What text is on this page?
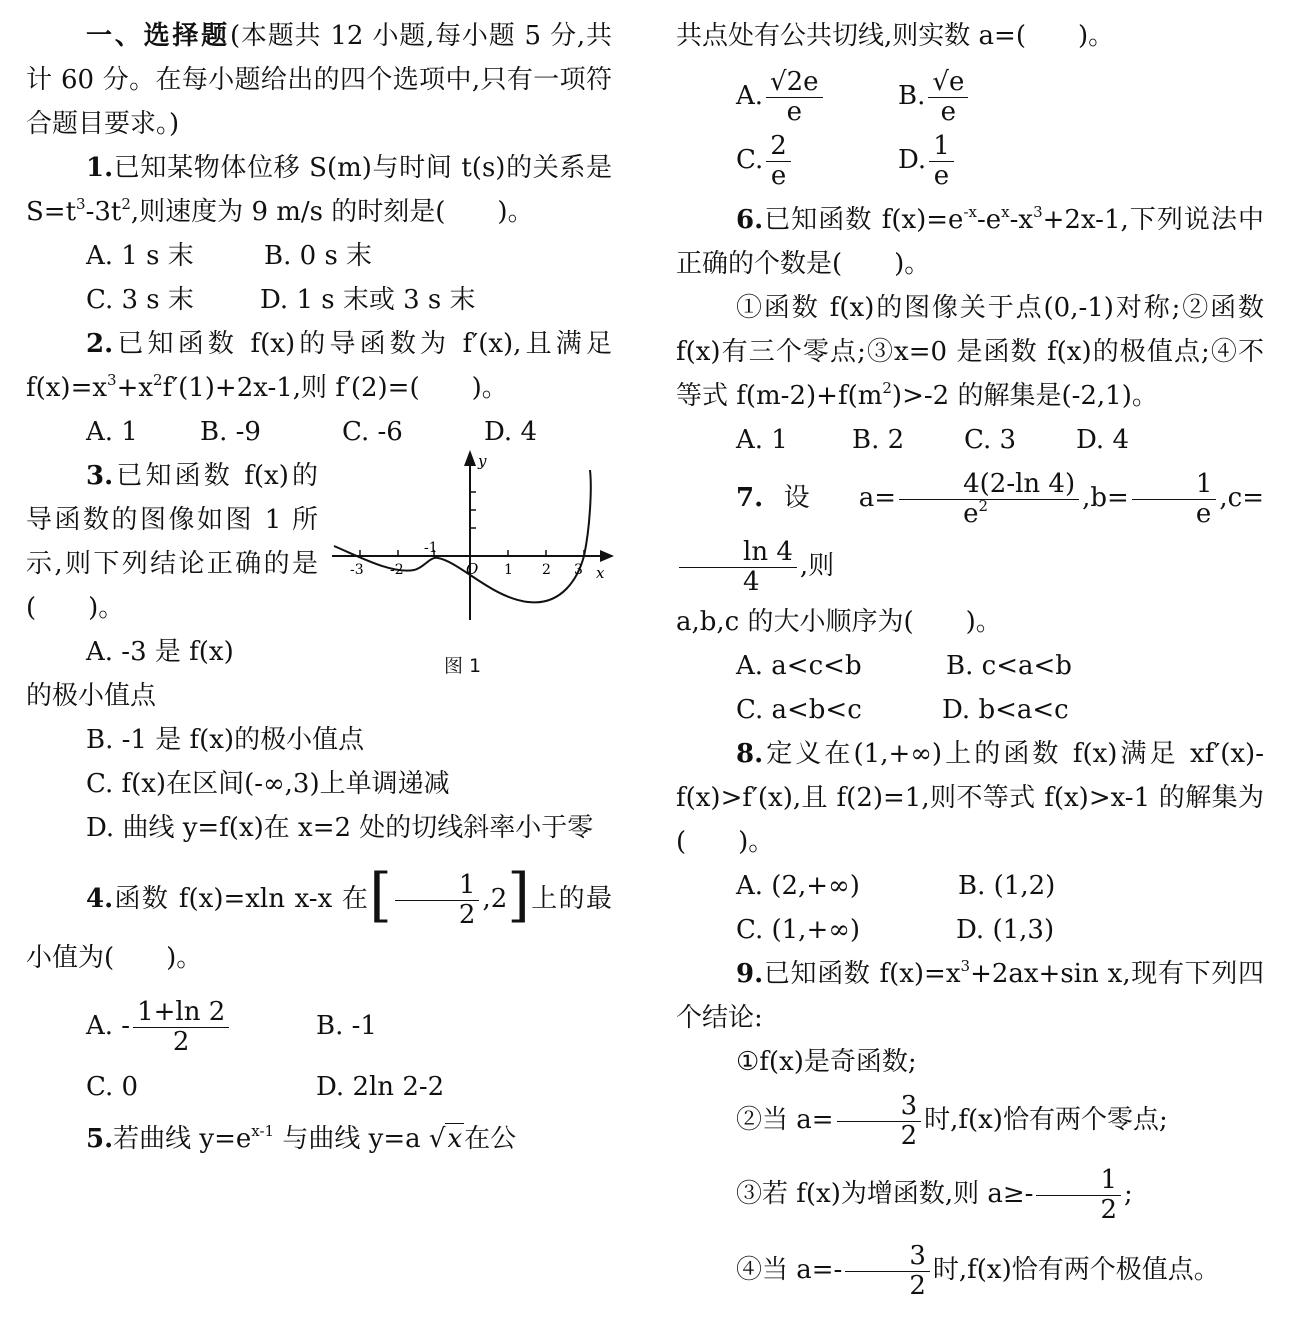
一、选择题(本题共 12 小题,每小题 5 分,共计 60 分。在每小题给出的四个选项中,只有一项符合题目要求。)

1.已知某物体位移 S(m)与时间 t(s)的关系是 $S=t^3-3t^2$,则速度为 9 m/s 的时刻是(　　)。

A. 1 s 末	B. 0 s 末
C. 3 s 末	D. 1 s 末或 3 s 末

2.已知函数 f(x)的导函数为 f′(x),且满足 $f(x)=x^3+x^2f'(1)+2x-1$,则 f′(2)=(　　)。

A. 1 B. -9	C. -6	D. 4

3.已知函数 f(x)的导函数的图像如图 1 所示,则下列结论正确的是(　　)。
A. -3 是 f(x)

y
x
O
-3 -2
-1
1 2 3
图 1

的极小值点

B. -1 是 f(x)的极小值点
C. f(x)在区间(-∞,3)上单调递减

D. 曲线 y=f(x)在 x=2 处的切线斜率小于零

4.函数 f(x)=xln x-x 在[ $\frac{1}{2} ,2$]上的最小值为(　　)。

A. - $\frac{1+\ln 2}{2}$	B. -1
C. 0	D. 2ln 2-2

5.若曲线 $y=e^{x-1}$ 与曲线 y=a √x在公

共点处有公共切线,则实数 a=(　　)。

A. $\frac{√2e}{e}$	B. $\frac{√e}{e}$
C. $\frac{2}{e}$	D. $\frac{1}{e}$

6.已知函数 $f(x)=e^{-x}-e^x-x^3+2x-1$,下列说法中正确的个数是(　　)。

①函数 f(x)的图像关于点(0,-1)对称;②函数 f(x)有三个零点;③x=0 是函数 f(x)的极值点;④不等式 $f(m-2)+f(m^2)>-2$ 的解集是(-2,1)。

A. 1 B. 2 C. 3 D. 4

7.设 $a= \frac{4(2-\ln 4)}{e^2} ,b= \frac{1}{e} ,c=$
$\frac{\ln 4}{4}$ ,则

a,b,c 的大小顺序为(　　)。

A. a<c<b	B. c<a<b
C. a<b<c	D. b<a<c

8.定义在(1,+∞)上的函数 f(x)满足 xf′(x)-f(x)>f′(x),且 f(2)=1,则不等式 f(x)>x-1 的解集为(　　)。

A. (2,+∞)	B. (1,2)
C. (1,+∞)	D. (1,3)

9.已知函数 $f(x)=x^3+2ax+\sin$ x,现有下列四个结论:

①f(x)是奇函数;

②当 $a= \frac{3}{2}$ 时,f(x)恰有两个零点;

③若 f(x)为增函数,则 $a\ge- \frac{1}{2}$ ;

④当 $a=- \frac{3}{2}$ 时,f(x)恰有两个极值点。
